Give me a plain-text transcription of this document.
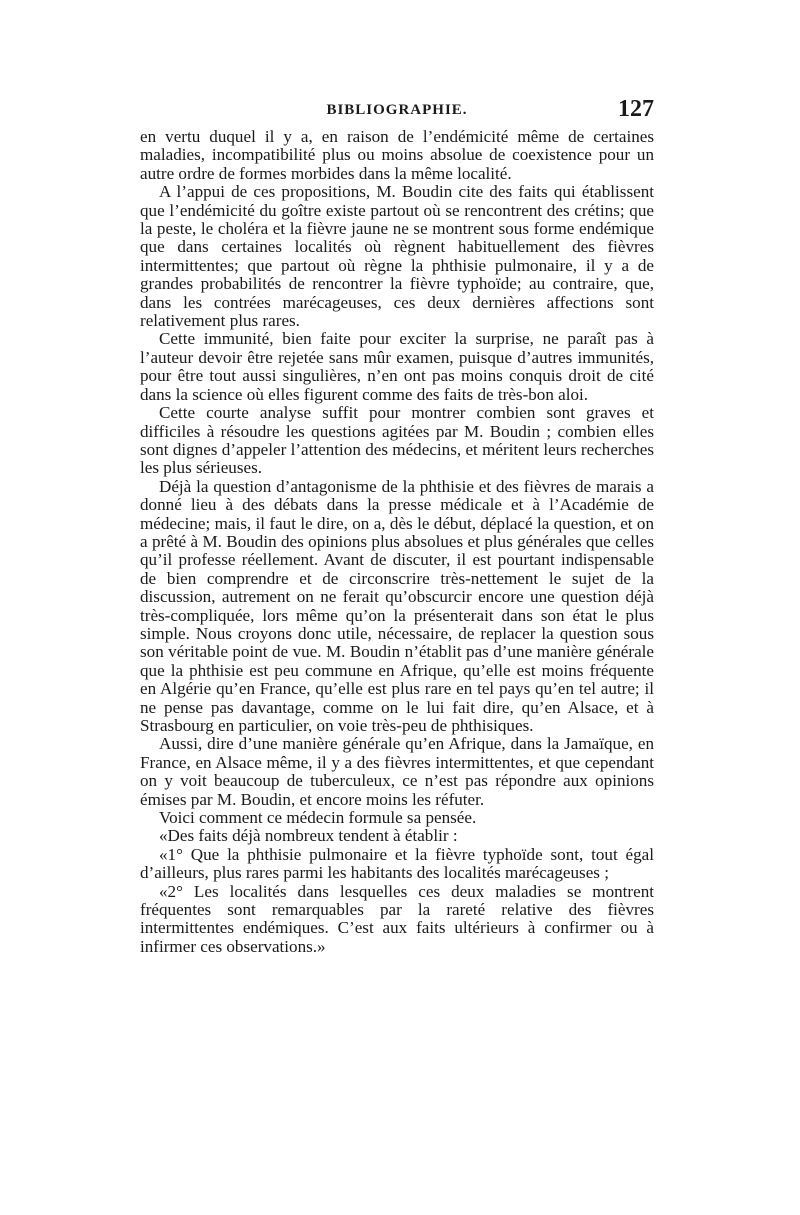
BIBLIOGRAPHIE.	127

en vertu duquel il y a, en raison de l’endémicité même de certaines maladies, incompatibilité plus ou moins absolue de coexistence pour un autre ordre de formes morbides dans la même localité.

A l’appui de ces propositions, M. Boudin cite des faits qui établissent que l’endémicité du goître existe partout où se rencontrent des crétins; que la peste, le choléra et la fièvre jaune ne se montrent sous forme endémique que dans certaines localités où règnent habituellement des fièvres intermittentes; que partout où règne la phthisie pulmonaire, il y a de grandes probabilités de rencontrer la fièvre typhoïde; au contraire, que, dans les contrées marécageuses, ces deux dernières affections sont relativement plus rares.

Cette immunité, bien faite pour exciter la surprise, ne paraît pas à l’auteur devoir être rejetée sans mûr examen, puisque d’autres immunités, pour être tout aussi singulières, n’en ont pas moins conquis droit de cité dans la science où elles figurent comme des faits de très-bon aloi.

Cette courte analyse suffit pour montrer combien sont graves et difficiles à résoudre les questions agitées par M. Boudin ; combien elles sont dignes d’appeler l’attention des médecins, et méritent leurs recherches les plus sérieuses.

Déjà la question d’antagonisme de la phthisie et des fièvres de marais a donné lieu à des débats dans la presse médicale et à l’Académie de médecine; mais, il faut le dire, on a, dès le début, déplacé la question, et on a prêté à M. Boudin des opinions plus absolues et plus générales que celles qu’il professe réellement. Avant de discuter, il est pourtant indispensable de bien comprendre et de circonscrire très-nettement le sujet de la discussion, autrement on ne ferait qu’obscurcir encore une question déjà très-compliquée, lors même qu’on la présenterait dans son état le plus simple. Nous croyons donc utile, nécessaire, de replacer la question sous son véritable point de vue. M. Boudin n’établit pas d’une manière générale que la phthisie est peu commune en Afrique, qu’elle est moins fréquente en Algérie qu’en France, qu’elle est plus rare en tel pays qu’en tel autre; il ne pense pas davantage, comme on le lui fait dire, qu’en Alsace, et à Strasbourg en particulier, on voie très-peu de phthisiques.

Aussi, dire d’une manière générale qu’en Afrique, dans la Jamaïque, en France, en Alsace même, il y a des fièvres intermittentes, et que cependant on y voit beaucoup de tuberculeux, ce n’est pas répondre aux opinions émises par M. Boudin, et encore moins les réfuter.

Voici comment ce médecin formule sa pensée.

«Des faits déjà nombreux tendent à établir :

«1° Que la phthisie pulmonaire et la fièvre typhoïde sont, tout égal d’ailleurs, plus rares parmi les habitants des localités marécageuses ;

«2° Les localités dans lesquelles ces deux maladies se montrent fréquentes sont remarquables par la rareté relative des fièvres intermittentes endémiques. C’est aux faits ultérieurs à confirmer ou à infirmer ces observations.»
